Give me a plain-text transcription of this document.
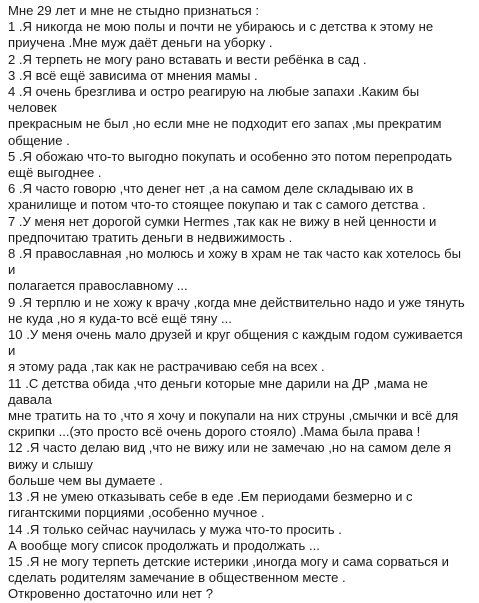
Мне 29 лет и мне не стыдно признаться :
1 .Я никогда не мою полы и почти не убираюсь и с детства к этому не
приучена .Мне муж даёт деньги на уборку .
2 .Я терпеть не могу рано вставать и вести ребёнка в сад .
3 .Я всё ещё зависима от мнения мамы .
4 .Я очень брезглива и остро реагирую на любые запахи .Каким бы человек
прекрасным не был ,но если мне не подходит его запах ,мы прекратим
общение .
5 .Я обожаю что-то выгодно покупать и особенно это потом перепродать
ещё выгоднее .
6 .Я часто говорю ,что денег нет ,а на самом деле складываю их в
хранилище и потом что-то стоящее покупаю и так с самого детства .
7 .У меня нет дорогой сумки Hermes ,так как не вижу в ней ценности и
предпочитаю тратить деньги в недвижимость .
8 .Я православная ,но молюсь и хожу в храм не так часто как хотелось бы и
полагается православному ...
9 .Я терплю и не хожу к врачу ,когда мне действительно надо и уже тянуть
не куда ,но я куда-то всё ещё тяну ...
10 .У меня очень мало друзей и круг общения с каждым годом суживается и
я этому рада ,так как не растрачиваю себя на всех .
11 .С детства обида ,что деньги которые мне дарили на ДР ,мама не давала
мне тратить на то ,что я хочу и покупали на них струны ,смычки и всё для
скрипки ...(это просто всё очень дорого стояло) .Мама была права !
12 .Я часто делаю вид ,что не вижу или не замечаю ,но на самом деле я
вижу и слышу
больше чем вы думаете .
13 .Я не умею отказывать себе в еде .Ем периодами безмерно и с
гигантскими порциями ,особенно мучное .
14 .Я только сейчас научилась у мужа что-то просить .
А вообще могу список продолжать и продолжать ...
15 .Я не могу терпеть детские истерики ,иногда могу и сама сорваться и
сделать родителям замечание в общественном месте .
Откровенно достаточно или нет ?
